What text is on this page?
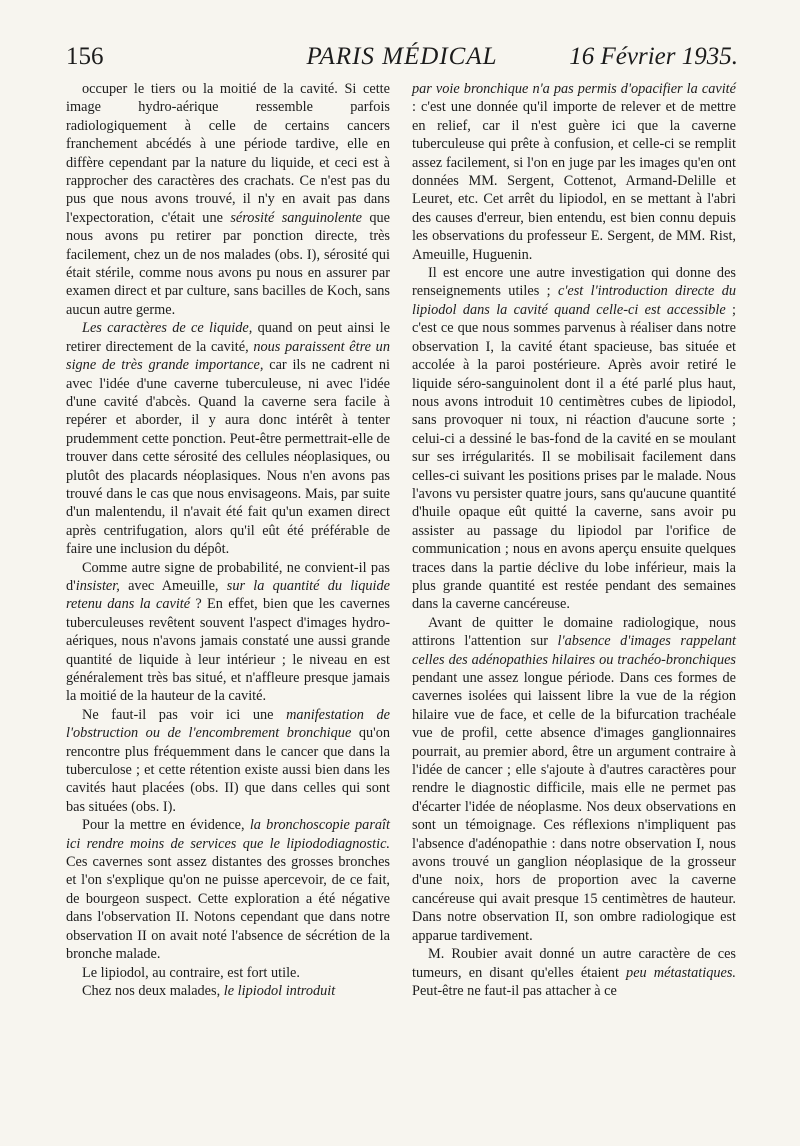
156	PARIS MÉDICAL	16 Février 1935.

occuper le tiers ou la moitié de la cavité. Si cette image hydro-aérique ressemble parfois radiologiquement à celle de certains cancers franchement abcédés à une période tardive, elle en diffère cependant par la nature du liquide, et ceci est à rapprocher des caractères des crachats. Ce n'est pas du pus que nous avons trouvé, il n'y en avait pas dans l'expectoration, c'était une sérosité sanguinolente que nous avons pu retirer par ponction directe, très facilement, chez un de nos malades (obs. I), sérosité qui était stérile, comme nous avons pu nous en assurer par examen direct et par culture, sans bacilles de Koch, sans aucun autre germe.

Les caractères de ce liquide, quand on peut ainsi le retirer directement de la cavité, nous paraissent être un signe de très grande importance, car ils ne cadrent ni avec l'idée d'une caverne tuberculeuse, ni avec l'idée d'une cavité d'abcès. Quand la caverne sera facile à repérer et aborder, il y aura donc intérêt à tenter prudemment cette ponction. Peut-être permettrait-elle de trouver dans cette sérosité des cellules néoplasiques, ou plutôt des placards néoplasiques. Nous n'en avons pas trouvé dans le cas que nous envisageons. Mais, par suite d'un malentendu, il n'avait été fait qu'un examen direct après centrifugation, alors qu'il eût été préférable de faire une inclusion du dépôt.

Comme autre signe de probabilité, ne convient-il pas d'insister, avec Ameuille, sur la quantité du liquide retenu dans la cavité ? En effet, bien que les cavernes tuberculeuses revêtent souvent l'aspect d'images hydro-aériques, nous n'avons jamais constaté une aussi grande quantité de liquide à leur intérieur ; le niveau en est généralement très bas situé, et n'affleure presque jamais la moitié de la hauteur de la cavité.

Ne faut-il pas voir ici une manifestation de l'obstruction ou de l'encombrement bronchique qu'on rencontre plus fréquemment dans le cancer que dans la tuberculose ; et cette rétention existe aussi bien dans les cavités haut placées (obs. II) que dans celles qui sont bas situées (obs. I).

Pour la mettre en évidence, la bronchoscopie paraît ici rendre moins de services que le lipiododiagnostic. Ces cavernes sont assez distantes des grosses bronches et l'on s'explique qu'on ne puisse apercevoir, de ce fait, de bourgeon suspect. Cette exploration a été négative dans l'observation II. Notons cependant que dans notre observation II on avait noté l'absence de sécrétion de la bronche malade.

Le lipiodol, au contraire, est fort utile.

Chez nos deux malades, le lipiodol introduit

par voie bronchique n'a pas permis d'opacifier la cavité : c'est une donnée qu'il importe de relever et de mettre en relief, car il n'est guère ici que la caverne tuberculeuse qui prête à confusion, et celle-ci se remplit assez facilement, si l'on en juge par les images qu'en ont données MM. Sergent, Cottenot, Armand-Delille et Leuret, etc. Cet arrêt du lipiodol, en se mettant à l'abri des causes d'erreur, bien entendu, est bien connu depuis les observations du professeur E. Sergent, de MM. Rist, Ameuille, Huguenin.

Il est encore une autre investigation qui donne des renseignements utiles ; c'est l'introduction directe du lipiodol dans la cavité quand celle-ci est accessible ; c'est ce que nous sommes parvenus à réaliser dans notre observation I, la cavité étant spacieuse, bas située et accolée à la paroi postérieure. Après avoir retiré le liquide séro-sanguinolent dont il a été parlé plus haut, nous avons introduit 10 centimètres cubes de lipiodol, sans provoquer ni toux, ni réaction d'aucune sorte ; celui-ci a dessiné le bas-fond de la cavité en se moulant sur ses irrégularités. Il se mobilisait facilement dans celles-ci suivant les positions prises par le malade. Nous l'avons vu persister quatre jours, sans qu'aucune quantité d'huile opaque eût quitté la caverne, sans avoir pu assister au passage du lipiodol par l'orifice de communication ; nous en avons aperçu ensuite quelques traces dans la partie déclive du lobe inférieur, mais la plus grande quantité est restée pendant des semaines dans la caverne cancéreuse.

Avant de quitter le domaine radiologique, nous attirons l'attention sur l'absence d'images rappelant celles des adénopathies hilaires ou trachéo-bronchiques pendant une assez longue période. Dans ces formes de cavernes isolées qui laissent libre la vue de la région hilaire vue de face, et celle de la bifurcation trachéale vue de profil, cette absence d'images ganglionnaires pourrait, au premier abord, être un argument contraire à l'idée de cancer ; elle s'ajoute à d'autres caractères pour rendre le diagnostic difficile, mais elle ne permet pas d'écarter l'idée de néoplasme. Nos deux observations en sont un témoignage. Ces réflexions n'impliquent pas l'absence d'adénopathie : dans notre observation I, nous avons trouvé un ganglion néoplasique de la grosseur d'une noix, hors de proportion avec la caverne cancéreuse qui avait presque 15 centimètres de hauteur. Dans notre observation II, son ombre radiologique est apparue tardivement.

M. Roubier avait donné un autre caractère de ces tumeurs, en disant qu'elles étaient peu métastatiques. Peut-être ne faut-il pas attacher à ce
